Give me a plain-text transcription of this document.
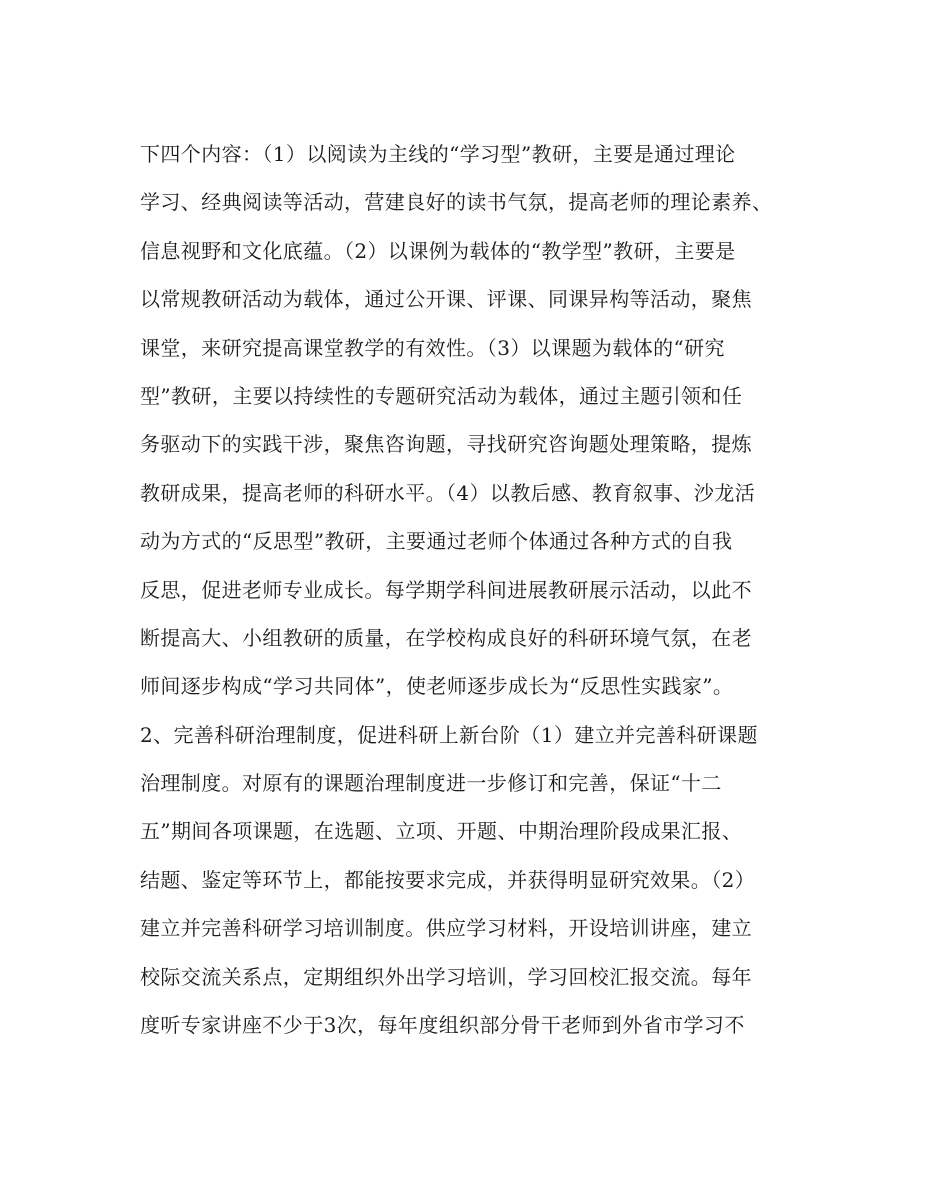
下四个内容：（1）以阅读为主线的“学习型”教研，主要是通过理论
学习、经典阅读等活动，营建良好的读书气氛，提高老师的理论素养、
信息视野和文化底蕴。（2）以课例为载体的“教学型”教研，主要是
以常规教研活动为载体，通过公开课、评课、同课异构等活动，聚焦
课堂，来研究提高课堂教学的有效性。（3）以课题为载体的“研究
型”教研，主要以持续性的专题研究活动为载体，通过主题引领和任
务驱动下的实践干涉，聚焦咨询题，寻找研究咨询题处理策略，提炼
教研成果，提高老师的科研水平。（4）以教后感、教育叙事、沙龙活
动为方式的“反思型”教研，主要通过老师个体通过各种方式的自我
反思，促进老师专业成长。每学期学科间进展教研展示活动，以此不
断提高大、小组教研的质量，在学校构成良好的科研环境气氛，在老
师间逐步构成“学习共同体”，使老师逐步成长为“反思性实践家”。
2、完善科研治理制度，促进科研上新台阶（1）建立并完善科研课题
治理制度。对原有的课题治理制度进一步修订和完善，保证“十二
五”期间各项课题，在选题、立项、开题、中期治理阶段成果汇报、
结题、鉴定等环节上，都能按要求完成，并获得明显研究效果。（2）
建立并完善科研学习培训制度。供应学习材料，开设培训讲座，建立
校际交流关系点，定期组织外出学习培训，学习回校汇报交流。每年
度听专家讲座不少于3次，每年度组织部分骨干老师到外省市学习不
